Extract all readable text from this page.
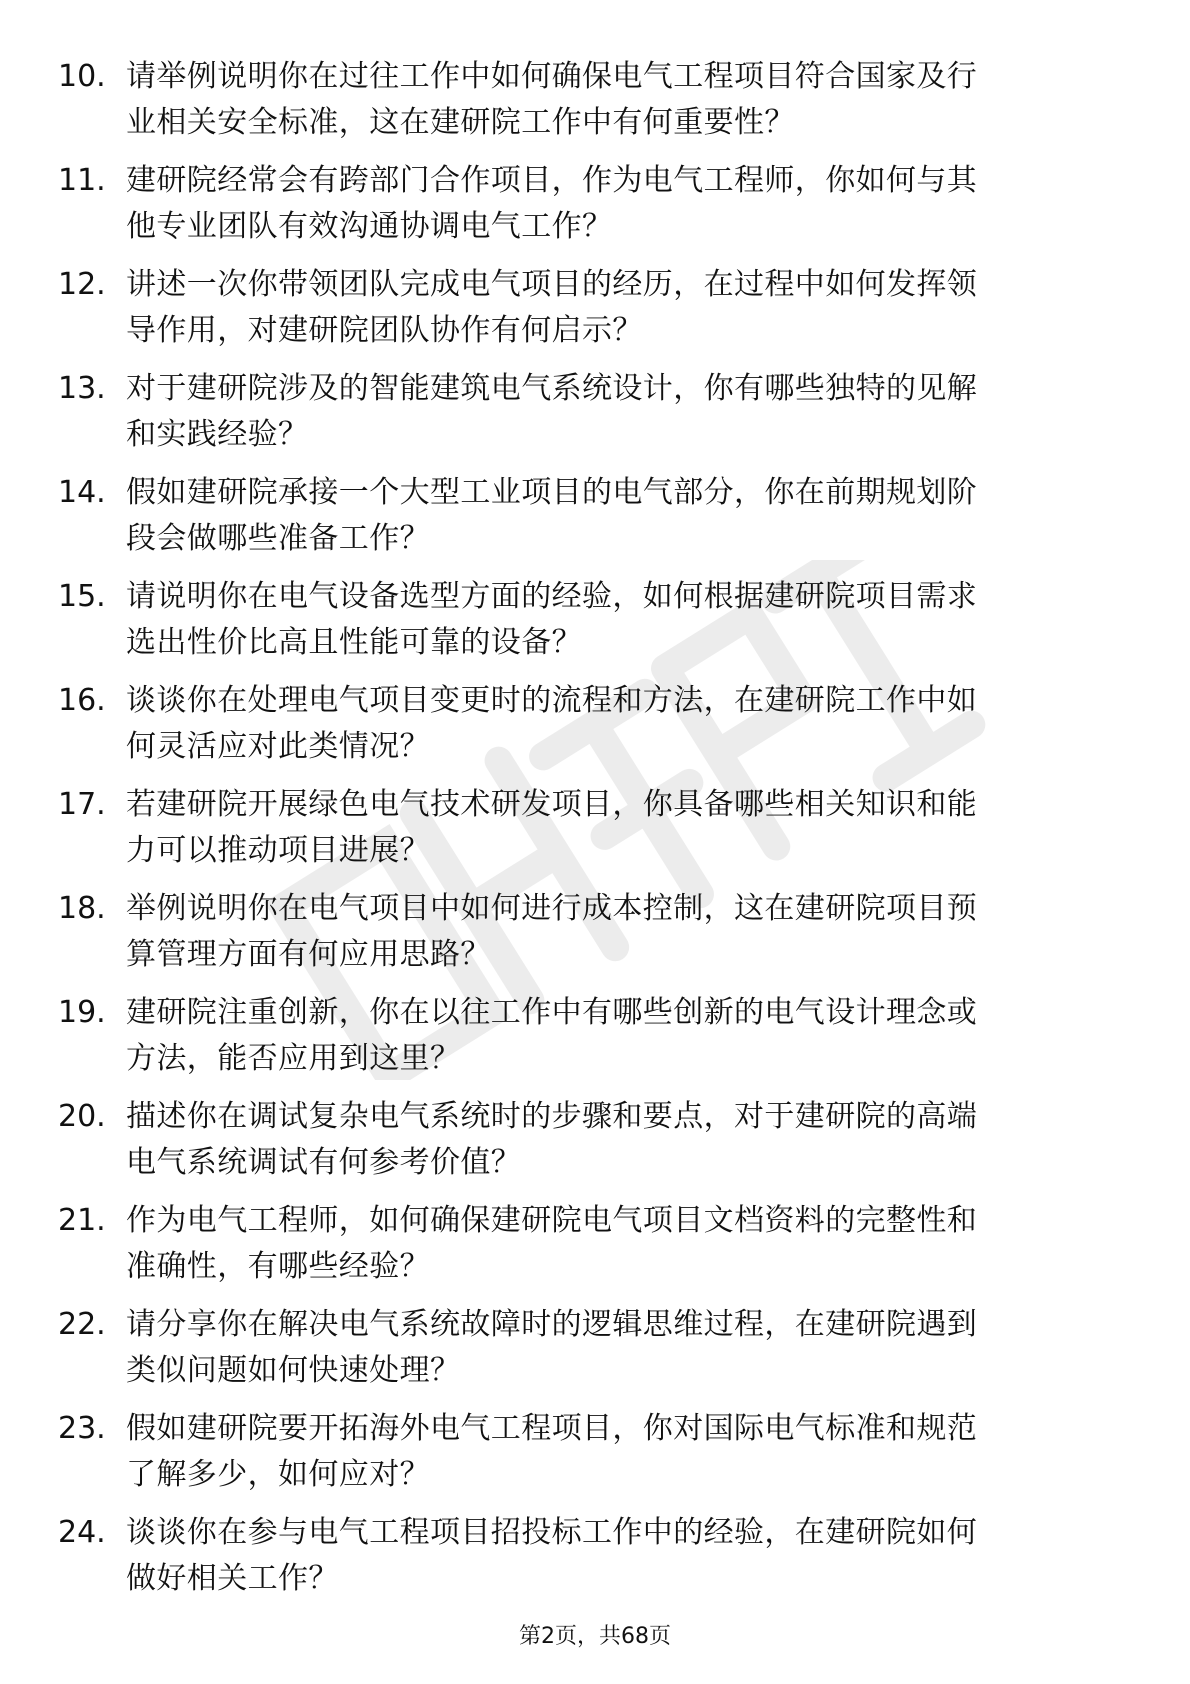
10. 请举例说明你在过往工作中如何确保电气工程项目符合国家及行
业相关安全标准，这在建研院工作中有何重要性？
11. 建研院经常会有跨部门合作项目，作为电气工程师，你如何与其
他专业团队有效沟通协调电气工作？
12. 讲述一次你带领团队完成电气项目的经历，在过程中如何发挥领
导作用，对建研院团队协作有何启示？
13. 对于建研院涉及的智能建筑电气系统设计，你有哪些独特的见解
和实践经验？
14. 假如建研院承接一个大型工业项目的电气部分，你在前期规划阶
段会做哪些准备工作？
15. 请说明你在电气设备选型方面的经验，如何根据建研院项目需求
选出性价比高且性能可靠的设备？
16. 谈谈你在处理电气项目变更时的流程和方法，在建研院工作中如
何灵活应对此类情况？
17. 若建研院开展绿色电气技术研发项目，你具备哪些相关知识和能
力可以推动项目进展？
18. 举例说明你在电气项目中如何进行成本控制，这在建研院项目预
算管理方面有何应用思路？
19. 建研院注重创新，你在以往工作中有哪些创新的电气设计理念或
方法，能否应用到这里？
20. 描述你在调试复杂电气系统时的步骤和要点，对于建研院的高端
电气系统调试有何参考价值？
21. 作为电气工程师，如何确保建研院电气项目文档资料的完整性和
准确性，有哪些经验？
22. 请分享你在解决电气系统故障时的逻辑思维过程，在建研院遇到
类似问题如何快速处理？
23. 假如建研院要开拓海外电气工程项目，你对国际电气标准和规范
了解多少，如何应对？
24. 谈谈你在参与电气工程项目招投标工作中的经验，在建研院如何
做好相关工作？
第2页，共68页
